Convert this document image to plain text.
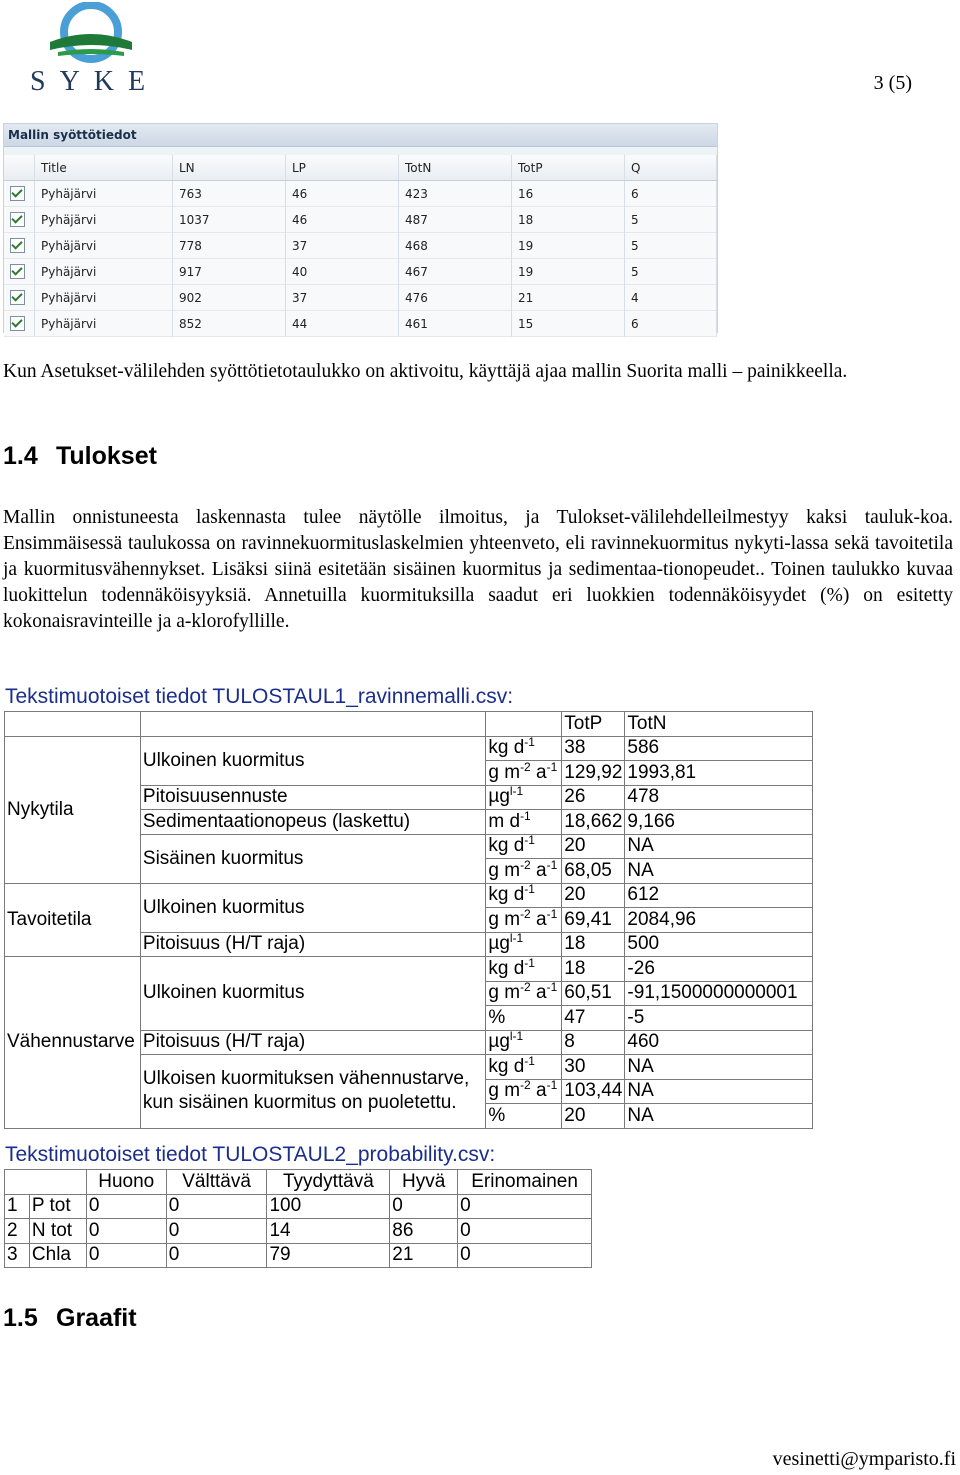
SYKE	3 (5)
Mallin syöttötiedot
	Title	LN	LP	TotN	TotP	Q
	Pyhäjärvi	763	46	423	16	6
	Pyhäjärvi	1037	46	487	18	5
	Pyhäjärvi	778	37	468	19	5
	Pyhäjärvi	917	40	467	19	5
	Pyhäjärvi	902	37	476	21	4
	Pyhäjärvi	852	44	461	15	6
Kun Asetukset-välilehden syöttötietotaulukko on aktivoitu, käyttäjä ajaa mallin Suorita malli – painikkeella.
1.4 Tulokset
Mallin onnistuneesta laskennasta tulee näytölle ilmoitus, ja Tulokset-välilehdelleilmestyy kaksi tauluk-koa. Ensimmäisessä taulukossa on ravinnekuormituslaskelmien yhteenveto, eli ravinnekuormitus nykyti-lassa sekä tavoitetila ja kuormitusvähennykset. Lisäksi siinä esitetään sisäinen kuormitus ja sedimentaa-tionopeudet.. Toinen taulukko kuvaa luokittelun todennäköisyyksiä. Annetuilla kuormituksilla saadut eri luokkien todennäköisyydet (%) on esitetty kokonaisravinteille ja a-klorofyllille.
Tekstimuotoiset tiedot TULOSTAUL1_ravinnemalli.csv:
			TotP	TotN
Nykytila	Ulkoinen kuormitus	kg $d^{-1}$	38	586
		g $m^{-2}$ $a^{-1}$	129,92	1993,81
	Pitoisuusennuste	µg$^{l-1}$	26	478
	Sedimentaationopeus (laskettu)	m $d^{-1}$	18,662	9,166
	Sisäinen kuormitus	kg $d^{-1}$	20	NA
		g $m^{-2}$ $a^{-1}$	68,05	NA
Tavoitetila	Ulkoinen kuormitus	kg $d^{-1}$	20	612
		g $m^{-2}$ $a^{-1}$	69,41	2084,96
	Pitoisuus (H/T raja)	µg$^{l-1}$	18	500
Vähennustarve	Ulkoinen kuormitus	kg $d^{-1}$	18	-26
		g $m^{-2}$ $a^{-1}$	60,51	-91,1500000000001
		%	47	-5
	Pitoisuus (H/T raja)	µg$^{l-1}$	8	460

	Ulkoisen kuormituksen vähennustarve,
kun sisäinen kuormitus on puoletettu.	kg $d^{-1}$	30	NA
		g $m^{-2}$ $a^{-1}$	103,44	NA
		%	20	NA
Tekstimuotoiset tiedot TULOSTAUL2_probability.csv:
		Huono	Välttävä	Tyydyttävä	Hyvä	Erinomainen
1	P tot	0	0	100	0	0
2	N tot	0	0	14	86	0
3	Chla	0	0	79	21	0
1.5 Graafit
vesinetti@ymparisto.fi
